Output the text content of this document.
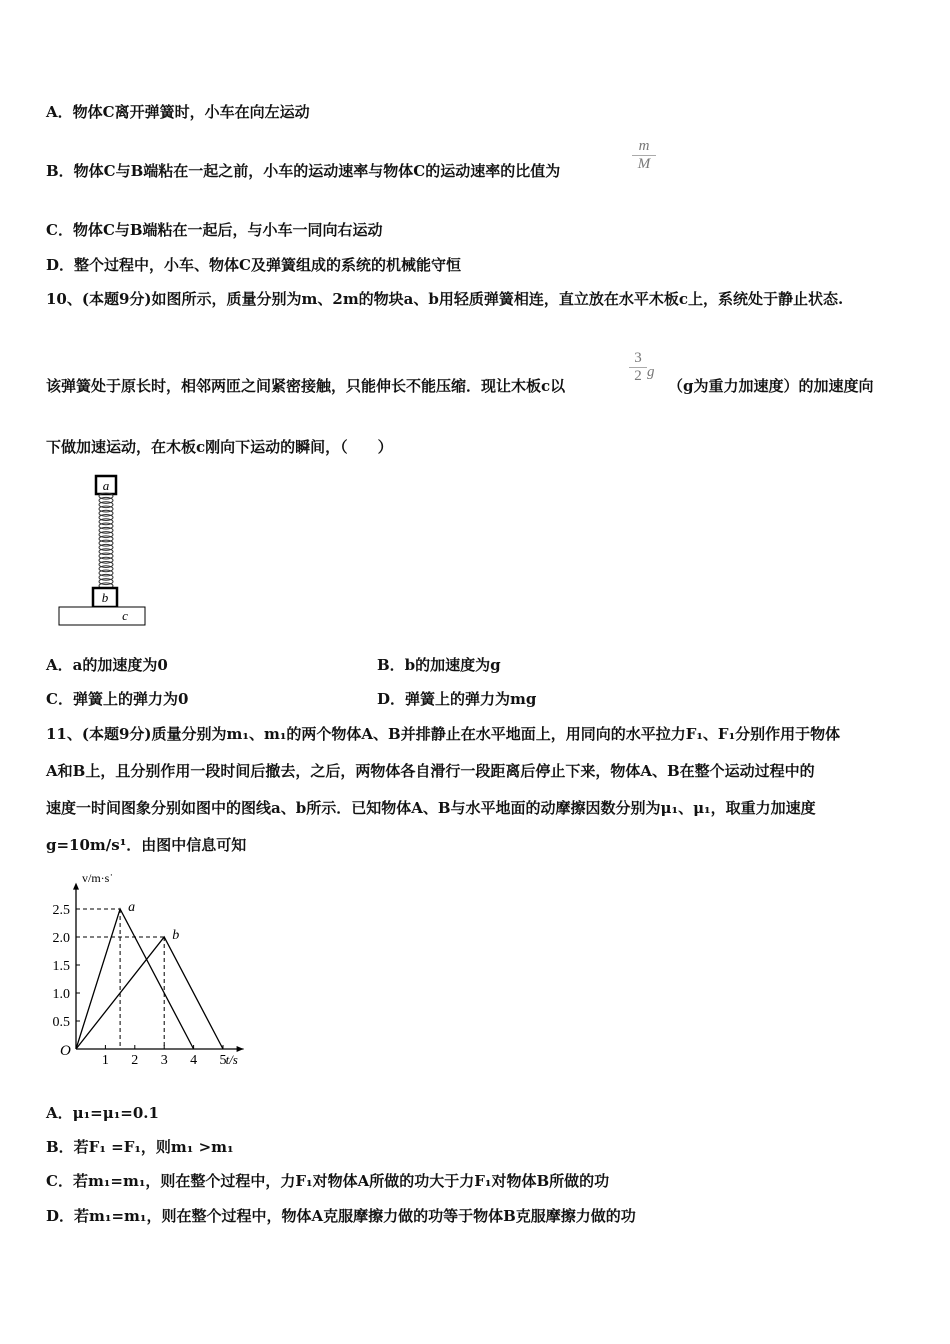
A．物体C离开弹簧时，小车在向左运动
B．物体C与B端粘在一起之前，小车的运动速率与物体C的运动速率的比值为	$\frac{m}{M}$
C．物体C与B端粘在一起后，与小车一同向右运动
D．整个过程中，小车、物体C及弹簧组成的系统的机械能守恒
10、(本题9分)如图所示，质量分别为m、2m的物块a、b用轻质弹簧相连，直立放在水平木板c上，系统处于静止状态.
该弹簧处于原长时，相邻两匝之间紧密接触，只能伸长不能压缩．现让木板c以
$\frac{3}{2}$ g
（g为重力加速度）的加速度向
下做加速运动，在木板c刚向下运动的瞬间，（　　）
a
b
c
A．a的加速度为0	B．b的加速度为g
C．弹簧上的弹力为0	D．弹簧上的弹力为mg
11、(本题9分)质量分别为m₁、m₁的两个物体A、B并排静止在水平地面上，用同向的水平拉力F₁、F₁分别作用于物体
A和B上，且分别作用一段时间后撤去，之后，两物体各自滑行一段距离后停止下来，物体A、B在整个运动过程中的
速度一时间图象分别如图中的图线a、b所示．已知物体A、B与水平地面的动摩擦因数分别为μ₁、μ₁，取重力加速度
g=10m/s¹．由图中信息可知
1 2 3 4 5
0.5
1.0
1.5
2.0
2.5	a
b
O
t/s
v/m·s˙
A．μ₁=μ₁=0.1
B．若F₁ =F₁，则m₁ >m₁
C．若m₁=m₁，则在整个过程中，力F₁对物体A所做的功大于力F₁对物体B所做的功
D．若m₁=m₁，则在整个过程中，物体A克服摩擦力做的功等于物体B克服摩擦力做的功
